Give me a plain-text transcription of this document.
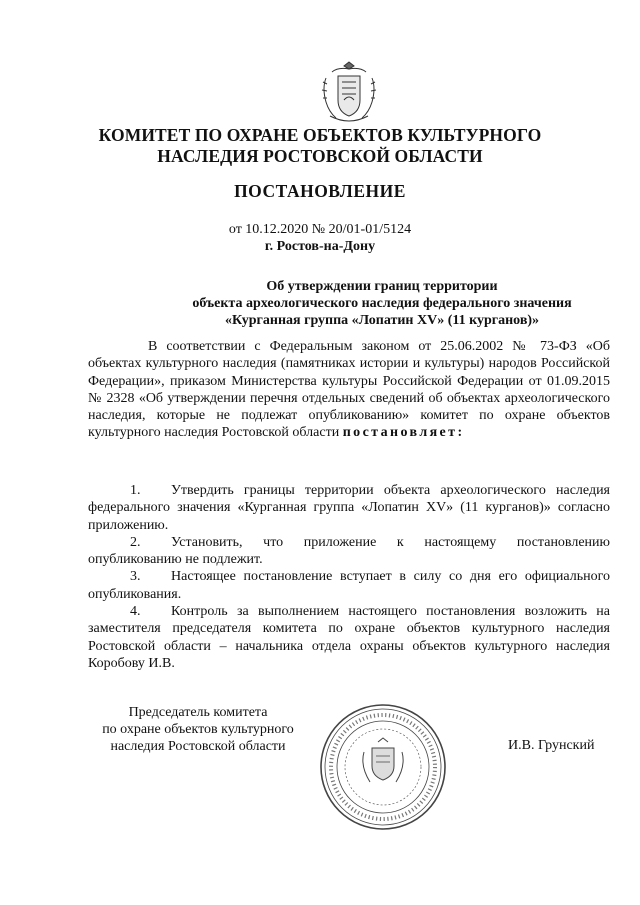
КОМИТЕТ ПО ОХРАНЕ ОБЪЕКТОВ КУЛЬТУРНОГО
НАСЛЕДИЯ РОСТОВСКОЙ ОБЛАСТИ
ПОСТАНОВЛЕНИЕ
от 10.12.2020 № 20/01-01/5124
г. Ростов-на-Дону
Об утверждении границ территории
объекта археологического наследия федерального значения
«Курганная группа «Лопатин XV» (11 курганов)»

В соответствии с Федеральным законом от 25.06.2002 № 73-ФЗ «Об объектах культурного наследия (памятниках истории и культуры) народов Российской Федерации», приказом Министерства культуры Российской Федерации от 01.09.2015 № 2328 «Об утверждении перечня отдельных сведений об объектах археологического наследия, которые не подлежат опубликованию» комитет по охране объектов культурного наследия Ростовской области постановляет:

1. Утвердить границы территории объекта археологического наследия федерального значения «Курганная группа «Лопатин XV» (11 курганов)» согласно приложению.

2. Установить, что приложение к настоящему постановлению опубликованию не подлежит.

3. Настоящее постановление вступает в силу со дня его официального опубликования.

4. Контроль за выполнением настоящего постановления возложить на заместителя председателя комитета по охране объектов культурного наследия Ростовской области – начальника отдела охраны объектов культурного наследия Коробову И.В.

Председатель комитета
по охране объектов культурного
наследия Ростовской области	И.В. Грунский
